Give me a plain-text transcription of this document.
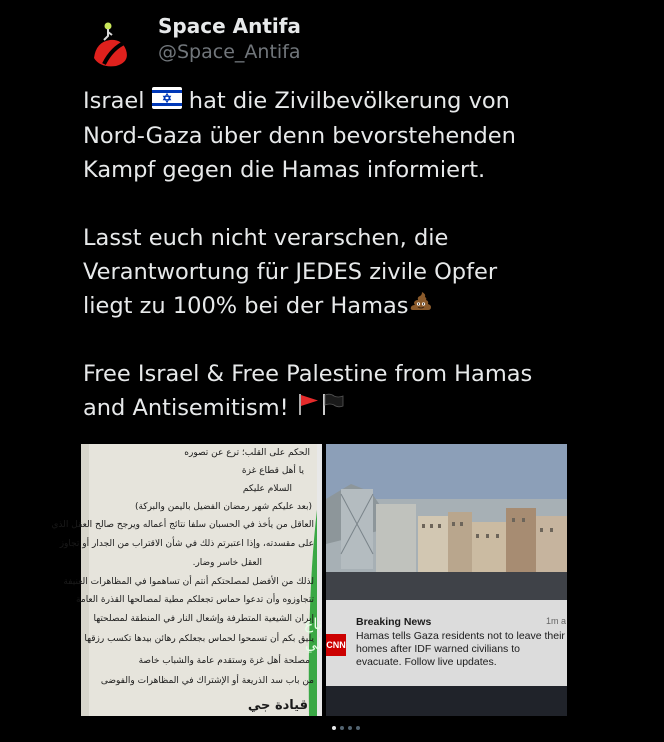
Space Antifa
@Space_Antifa

Israel  hat die Zivilbevölkerung von
Nord-Gaza über denn bevorstehenden
Kampf gegen die Hamas informiert.

Lasst euch nicht verarschen, die
Verantwortung für JEDES zivile Opfer
liegt zu 100% bei der Hamas

Free Israel & Free Palestine from Hamas
and Antisemitism!

الحكم على القلب؛ ترع عن تصوره
يا أهل قطاع غزة
السلام عليكم
(بعد عليكم شهر رمضان الفضيل باليمن والبركة)
العاقل من يأخذ في الحسبان سلفا نتائج أعماله ويرجح صالح العقل الذي
على مقسدته، وإذا اعتبرتم ذلك في شأن الاقتراب من الجدار أو تجاوز
العقل خاسر وضار.
لذلك من الأفضل لمصلحتكم أنتم أن تساهموا في المظاهرات العنيفة
تتجاوزوه وأن تدعوا حماس تجعلكم مطية لمصالحها القذرة العامة
إيران الشيعية المتطرفة وإشعال النار في المنطقة لمصلحتها
يليق بكم أن تسمحوا لحماس بجعلكم رهائن بيدها تكسب رزقها
مصلحة أهل غزة وستقدم عامة والشباب خاصة
من باب سد الذريعة أو الإشتراك في المظاهرات والفوضى
قيادة جي
ناع لي CNN
Breaking News	1m a
Hamas tells Gaza residents not to leave their homes after IDF warned civilians to evacuate. Follow live updates.
